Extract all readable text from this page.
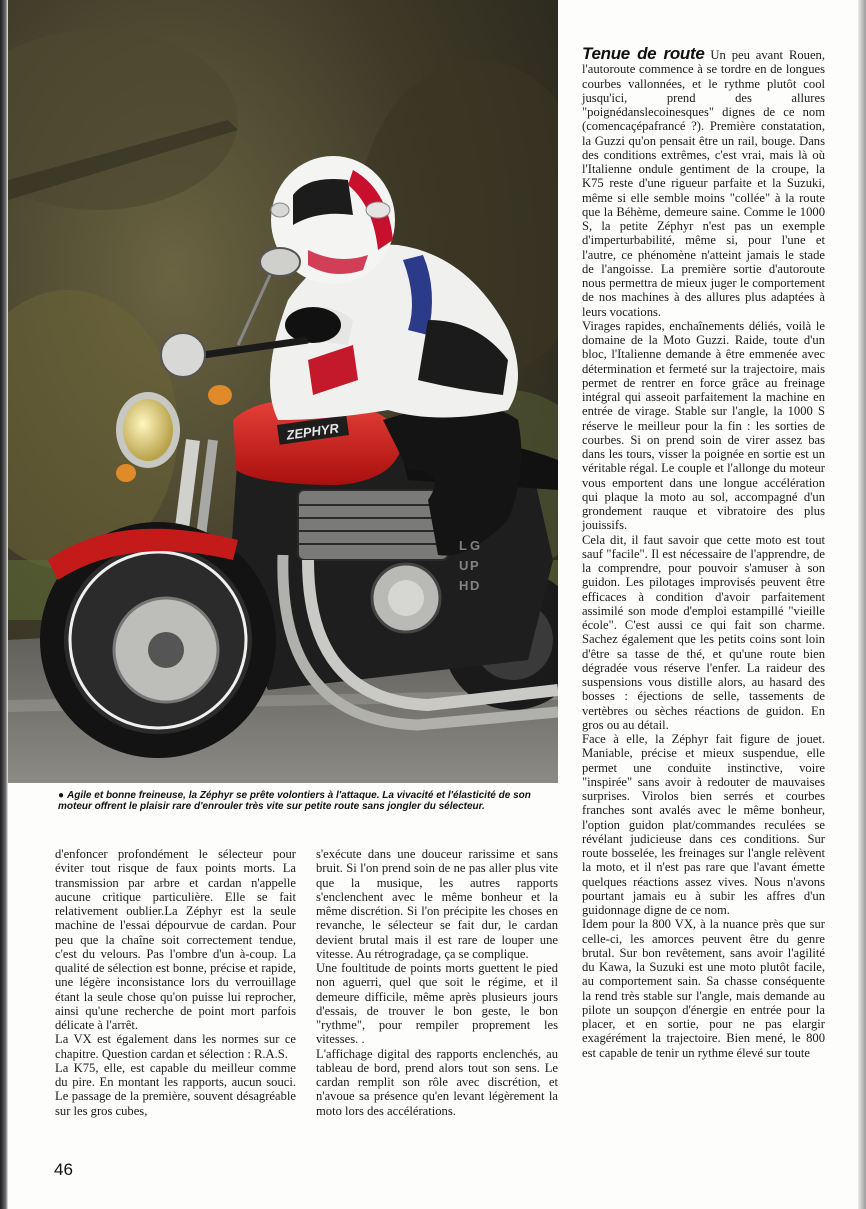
ZEPHYR
L G
U P
H D
● Agile et bonne freineuse, la Zéphyr se prête volontiers à l'attaque. La vivacité et l'élasticité de son moteur offrent le plaisir rare d'enrouler très vite sur petite route sans jongler du sélecteur.

d'enfoncer profondément le sélecteur pour éviter tout risque de faux points morts. La transmission par arbre et cardan n'appelle aucune critique particulière. Elle se fait relativement oublier.La Zéphyr est la seule machine de l'essai dépourvue de cardan. Pour peu que la chaîne soit correctement tendue, c'est du velours. Pas l'ombre d'un à-coup. La qualité de sélection est bonne, précise et rapide, une légère inconsistance lors du verrouillage étant la seule chose qu'on puisse lui reprocher, ainsi qu'une recherche de point mort parfois délicate à l'arrêt.

La VX est également dans les normes sur ce chapitre. Question cardan et sélection : R.A.S.

La K75, elle, est capable du meilleur comme du pire. En montant les rapports, aucun souci. Le passage de la première, souvent désagréable sur les gros cubes,

s'exécute dans une douceur rarissime et sans bruit. Si l'on prend soin de ne pas aller plus vite que la musique, les autres rapports s'enclenchent avec le même bonheur et la même discrétion. Si l'on précipite les choses en revanche, le sélecteur se fait dur, le cardan devient brutal mais il est rare de louper une vitesse. Au rétrogradage, ça se complique.

Une foultitude de points morts guettent le pied non aguerri, quel que soit le régime, et il demeure difficile, même après plusieurs jours d'essais, de trouver le bon geste, le bon "rythme", pour rempiler proprement les vitesses. .

L'affichage digital des rapports enclenchés, au tableau de bord, prend alors tout son sens. Le cardan remplit son rôle avec discrétion, et n'avoue sa présence qu'en levant légèrement la moto lors des accélérations.

Tenue de route Un peu avant Rouen, l'autoroute commence à se tordre en de longues courbes vallonnées, et le rythme plutôt cool jusqu'ici, prend des allures "poignédanslecoinesques" dignes de ce nom (comencaçépafrancé ?). Première constatation, la Guzzi qu'on pensait être un rail, bouge. Dans des conditions extrêmes, c'est vrai, mais là où l'Italienne ondule gentiment de la croupe, la K75 reste d'une rigueur parfaite et la Suzuki, même si elle semble moins "collée" à la route que la Béhème, demeure saine. Comme le 1000 S, la petite Zéphyr n'est pas un exemple d'imperturbabilité, même si, pour l'une et l'autre, ce phénomène n'atteint jamais le stade de l'angoisse. La première sortie d'autoroute nous permettra de mieux juger le comportement de nos machines à des allures plus adaptées à leurs vocations.

Virages rapides, enchaînements déliés, voilà le domaine de la Moto Guzzi. Raide, toute d'un bloc, l'Italienne demande à être emmenée avec détermination et fermeté sur la trajectoire, mais permet de rentrer en force grâce au freinage intégral qui asseoit parfaitement la machine en entrée de virage. Stable sur l'angle, la 1000 S réserve le meilleur pour la fin : les sorties de courbes. Si on prend soin de virer assez bas dans les tours, visser la poignée en sortie est un véritable régal. Le couple et l'allonge du moteur vous emportent dans une longue accélération qui plaque la moto au sol, accompagné d'un grondement rauque et vibratoire des plus jouissifs.

Cela dit, il faut savoir que cette moto est tout sauf "facile". Il est nécessaire de l'apprendre, de la comprendre, pour pouvoir s'amuser à son guidon. Les pilotages improvisés peuvent être efficaces à condition d'avoir parfaitement assimilé son mode d'emploi estampillé "vieille école". C'est aussi ce qui fait son charme. Sachez également que les petits coins sont loin d'être sa tasse de thé, et qu'une route bien dégradée vous réserve l'enfer. La raideur des suspensions vous distille alors, au hasard des bosses : éjections de selle, tassements de vertèbres ou sèches réactions de guidon. En gros ou au détail.

Face à elle, la Zéphyr fait figure de jouet. Maniable, précise et mieux suspendue, elle permet une conduite instinctive, voire "inspirée" sans avoir à redouter de mauvaises surprises. Virolos bien serrés et courbes franches sont avalés avec le même bonheur, l'option guidon plat/commandes reculées se révélant judicieuse dans ces conditions. Sur route bosselée, les freinages sur l'angle relèvent la moto, et il n'est pas rare que l'avant émette quelques réactions assez vives. Nous n'avons pourtant jamais eu à subir les affres d'un guidonnage digne de ce nom.

Idem pour la 800 VX, à la nuance près que sur celle-ci, les amorces peuvent être du genre brutal. Sur bon revêtement, sans avoir l'agilité du Kawa, la Suzuki est une moto plutôt facile, au comportement sain. Sa chasse conséquente la rend très stable sur l'angle, mais demande au pilote un soupçon d'énergie en entrée pour la placer, et en sortie, pour ne pas elargir exagérément la trajectoire. Bien mené, le 800 est capable de tenir un rythme élevé sur toute

46
